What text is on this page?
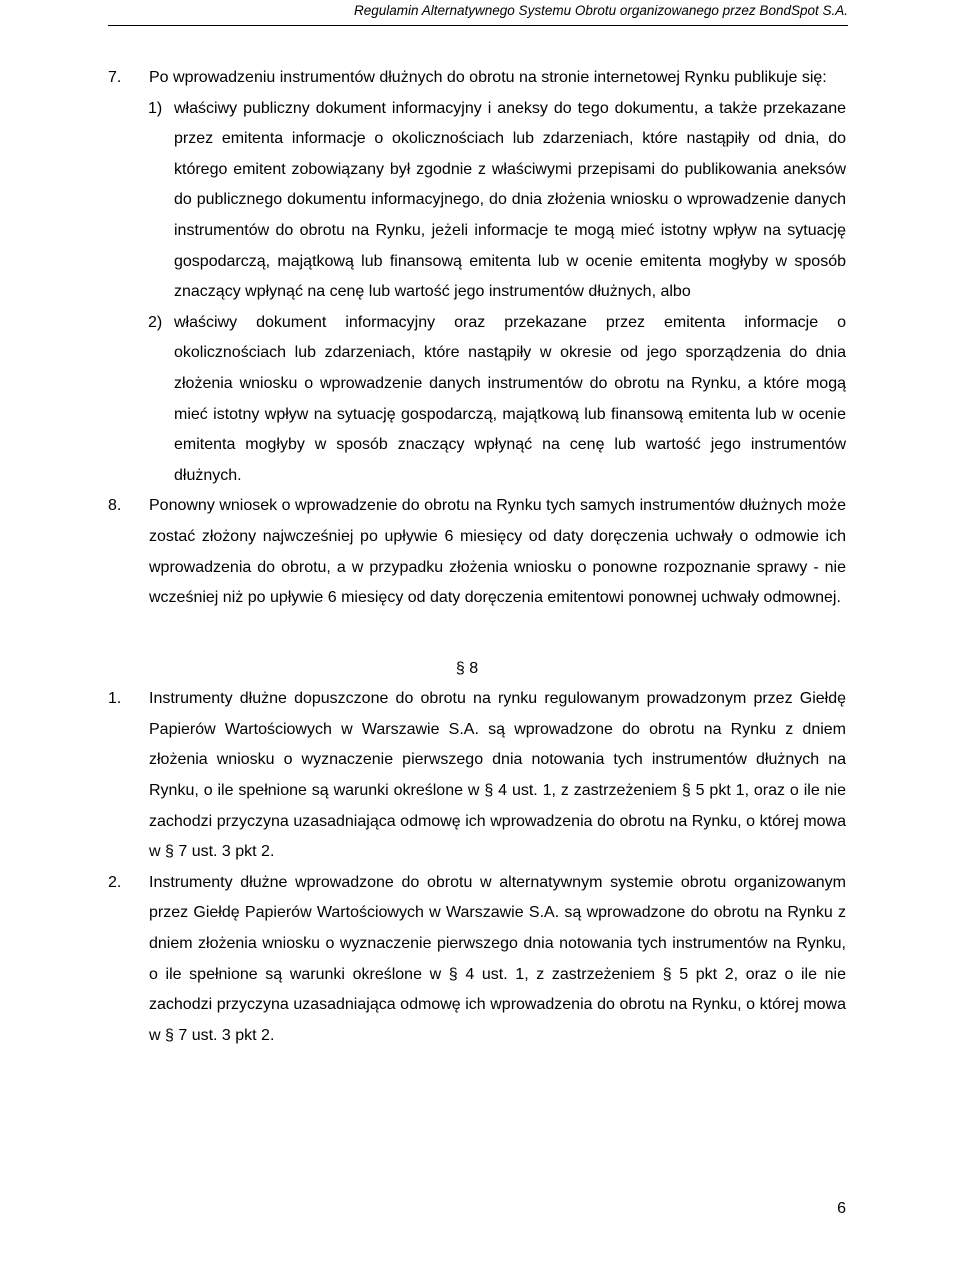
Regulamin Alternatywnego Systemu Obrotu organizowanego przez BondSpot S.A.
7. Po wprowadzeniu instrumentów dłużnych do obrotu na stronie internetowej Rynku publikuje się:
1) właściwy publiczny dokument informacyjny i aneksy do tego dokumentu, a także przekazane przez emitenta informacje o okolicznościach lub zdarzeniach, które nastąpiły od dnia, do którego emitent zobowiązany był zgodnie z właściwymi przepisami do publikowania aneksów do publicznego dokumentu informacyjnego, do dnia złożenia wniosku o wprowadzenie danych instrumentów do obrotu na Rynku, jeżeli informacje te mogą mieć istotny wpływ na sytuację gospodarczą, majątkową lub finansową emitenta lub w ocenie emitenta mogłyby w sposób znaczący wpłynąć na cenę lub wartość jego instrumentów dłużnych, albo
2) właściwy dokument informacyjny oraz przekazane przez emitenta informacje o okolicznościach lub zdarzeniach, które nastąpiły w okresie od jego sporządzenia do dnia złożenia wniosku o wprowadzenie danych instrumentów do obrotu na Rynku, a które mogą mieć istotny wpływ na sytuację gospodarczą, majątkową lub finansową emitenta lub w ocenie emitenta mogłyby w sposób znaczący wpłynąć na cenę lub wartość jego instrumentów dłużnych.
8. Ponowny wniosek o wprowadzenie do obrotu na Rynku tych samych instrumentów dłużnych może zostać złożony najwcześniej po upływie 6 miesięcy od daty doręczenia uchwały o odmowie ich wprowadzenia do obrotu, a w przypadku złożenia wniosku o ponowne rozpoznanie sprawy - nie wcześniej niż po upływie 6 miesięcy od daty doręczenia emitentowi ponownej uchwały odmownej.
§ 8
1. Instrumenty dłużne dopuszczone do obrotu na rynku regulowanym prowadzonym przez Giełdę Papierów Wartościowych w Warszawie S.A. są wprowadzone do obrotu na Rynku z dniem złożenia wniosku o wyznaczenie pierwszego dnia notowania tych instrumentów dłużnych na Rynku, o ile spełnione są warunki określone w § 4 ust. 1, z zastrzeżeniem § 5 pkt 1, oraz o ile nie zachodzi przyczyna uzasadniająca odmowę ich wprowadzenia do obrotu na Rynku, o której mowa w § 7 ust. 3 pkt 2.
2. Instrumenty dłużne wprowadzone do obrotu w alternatywnym systemie obrotu organizowanym przez Giełdę Papierów Wartościowych w Warszawie S.A. są wprowadzone do obrotu na Rynku z dniem złożenia wniosku o wyznaczenie pierwszego dnia notowania tych instrumentów na Rynku, o ile spełnione są warunki określone w § 4 ust. 1, z zastrzeżeniem § 5 pkt 2, oraz o ile nie zachodzi przyczyna uzasadniająca odmowę ich wprowadzenia do obrotu na Rynku, o której mowa w § 7 ust. 3 pkt 2.
6
